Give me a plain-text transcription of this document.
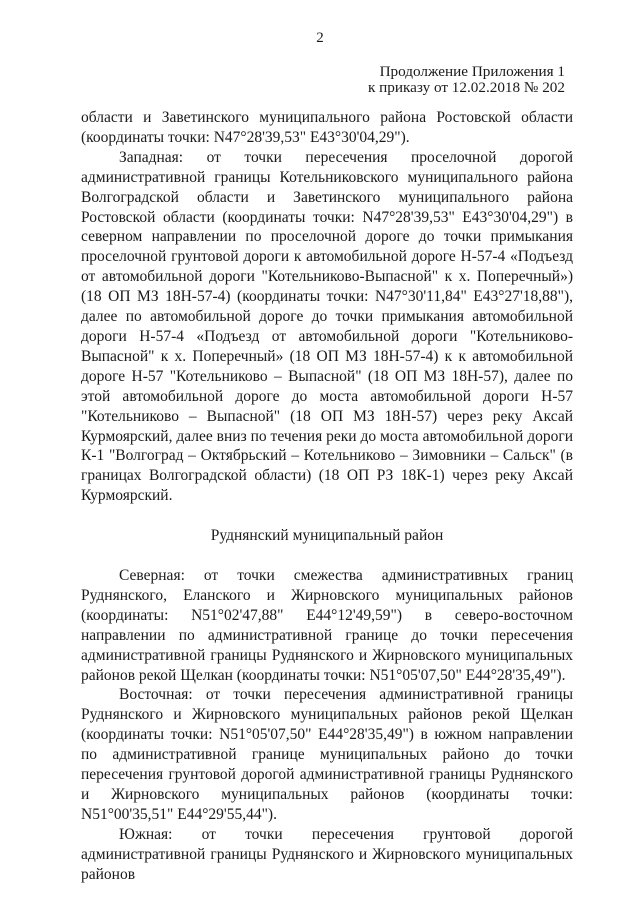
2
Продолжение Приложения 1
к приказу от 12.02.2018 № 202

области и Заветинского муниципального района Ростовской области (координаты точки: N47°28'39,53" E43°30'04,29").

Западная: от точки пересечения проселочной дорогой административной границы Котельниковского муниципального района Волгоградской области и Заветинского муниципального района Ростовской области (координаты точки: N47°28'39,53" E43°30'04,29") в северном направлении по проселочной дороге до точки примыкания проселочной грунтовой дороги к автомобильной дороге Н-57-4 «Подъезд от автомобильной дороги "Котельниково-Выпасной" к х. Поперечный») (18 ОП МЗ 18Н-57-4) (координаты точки: N47°30'11,84" E43°27'18,88"), далее по автомобильной дороге до точки примыкания автомобильной дороги Н-57-4 «Подъезд от автомобильной дороги "Котельниково-Выпасной" к х. Поперечный» (18 ОП МЗ 18Н-57-4) к к автомобильной дороге Н-57 "Котельниково – Выпасной" (18 ОП МЗ 18Н-57), далее по этой автомобильной дороге до моста автомобильной дороги Н-57 "Котельниково – Выпасной" (18 ОП МЗ 18Н-57) через реку Аксай Курмоярский, далее вниз по течения реки до моста автомобильной дороги К-1 "Волгоград – Октябрьский – Котельниково – Зимовники – Сальск" (в границах Волгоградской области) (18 ОП РЗ 18К-1) через реку Аксай Курмоярский.

Руднянский муниципальный район

Северная: от точки смежества административных границ Руднянского, Еланского и Жирновского муниципальных районов (координаты: N51°02'47,88" E44°12'49,59") в северо-восточном направлении по административной границе до точки пересечения административной границы Руднянского и Жирновского муниципальных районов рекой Щелкан (координаты точки: N51°05'07,50" E44°28'35,49").

Восточная: от точки пересечения административной границы Руднянского и Жирновского муниципальных районов рекой Щелкан (координаты точки: N51°05'07,50" E44°28'35,49") в южном направлении по административной границе муниципальных районо до точки пересечения грунтовой дорогой административной границы Руднянского и Жирновского муниципальных районов (координаты точки: N51°00'35,51" E44°29'55,44").

Южная: от точки пересечения грунтовой дорогой административной границы Руднянского и Жирновского муниципальных районов
